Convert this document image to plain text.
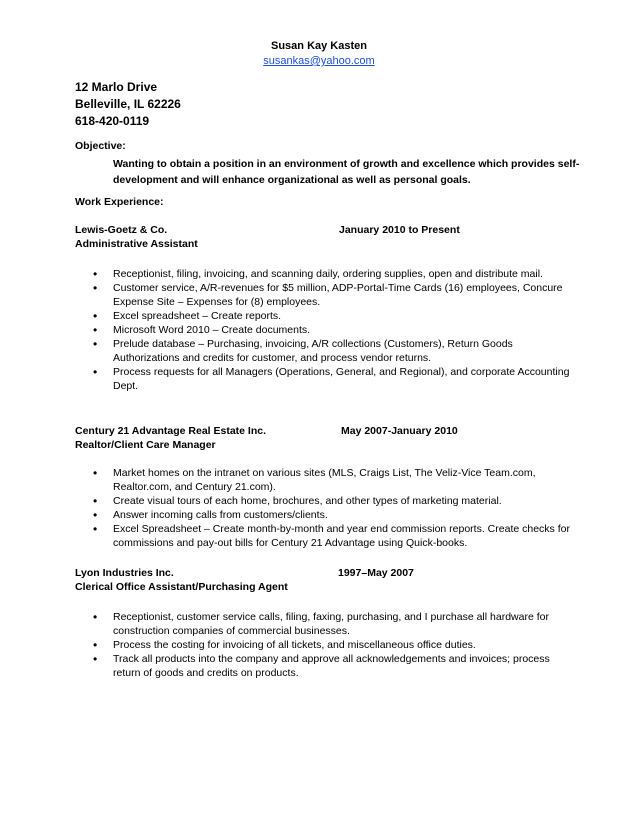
Susan Kay Kasten
susankas@yahoo.com
12 Marlo Drive
Belleville, IL 62226
618-420-0119
Objective:
Wanting to obtain a position in an environment of growth and excellence which provides self-development and will enhance organizational as well as personal goals.
Work Experience:
Lewis-Goetz & Co.	January 2010 to Present
Administrative Assistant
• Receptionist, filing, invoicing, and scanning daily, ordering supplies, open and distribute mail.
• Customer service, A/R-revenues for $5 million, ADP-Portal-Time Cards (16) employees, Concure Expense Site – Expenses for (8) employees.
• Excel spreadsheet – Create reports.
• Microsoft Word 2010 – Create documents.
• Prelude database – Purchasing, invoicing, A/R collections (Customers), Return Goods Authorizations and credits for customer, and process vendor returns.
• Process requests for all Managers (Operations, General, and Regional), and corporate Accounting Dept.
Century 21 Advantage Real Estate Inc.	May 2007-January 2010
Realtor/Client Care Manager
• Market homes on the intranet on various sites (MLS, Craigs List, The Veliz-Vice Team.com, Realtor.com, and Century 21.com).
• Create visual tours of each home, brochures, and other types of marketing material.
• Answer incoming calls from customers/clients.
• Excel Spreadsheet – Create month-by-month and year end commission reports. Create checks for commissions and pay-out bills for Century 21 Advantage using Quick-books.
Lyon Industries Inc.	1997–May 2007
Clerical Office Assistant/Purchasing Agent
• Receptionist, customer service calls, filing, faxing, purchasing, and I purchase all hardware for construction companies of commercial businesses.
• Process the costing for invoicing of all tickets, and miscellaneous office duties.
• Track all products into the company and approve all acknowledgements and invoices; process return of goods and credits on products.
